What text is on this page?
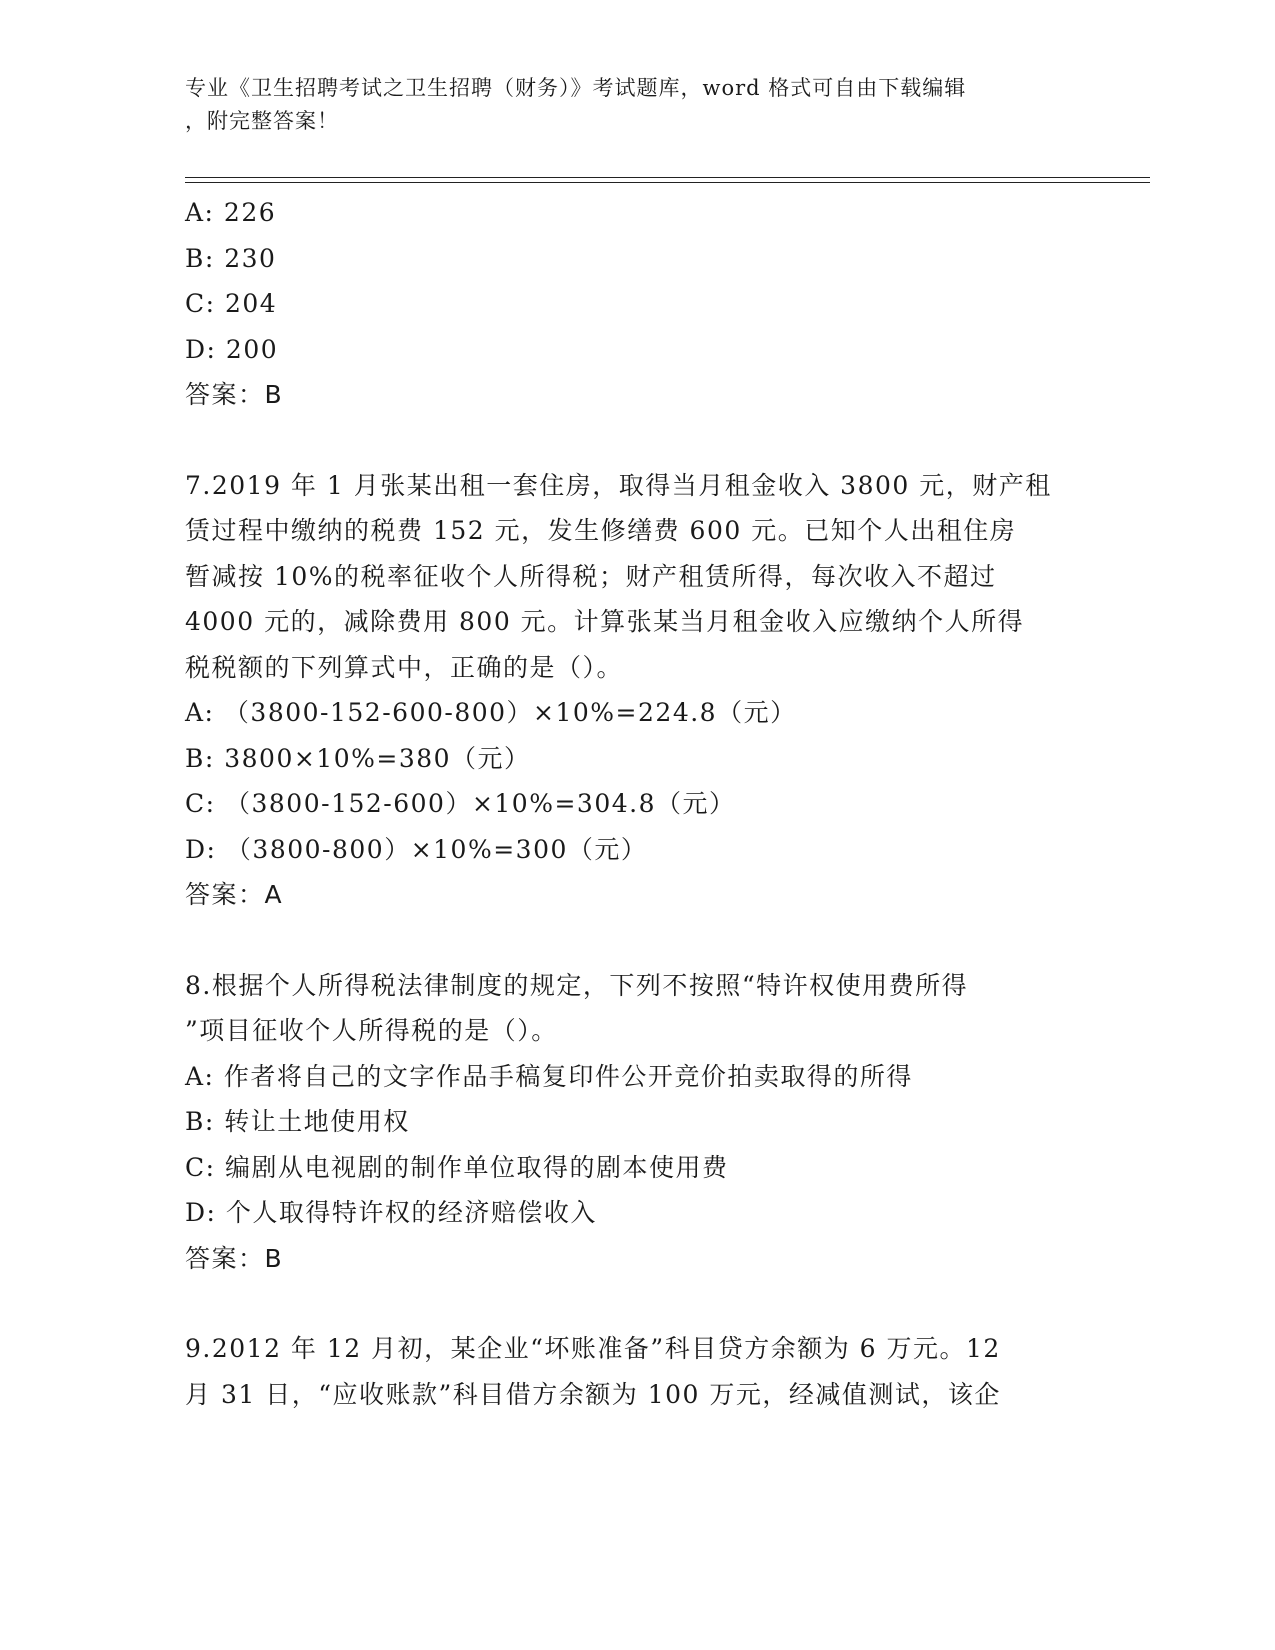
专业《卫生招聘考试之卫生招聘（财务）》考试题库，word 格式可自由下载编辑
，附完整答案！
A: 226
B: 230
C: 204
D: 200
答案：B
7.2019 年 1 月张某出租一套住房，取得当月租金收入 3800 元，财产租
赁过程中缴纳的税费 152 元，发生修缮费 600 元。已知个人出租住房
暂减按 10%的税率征收个人所得税；财产租赁所得，每次收入不超过
4000 元的，减除费用 800 元。计算张某当月租金收入应缴纳个人所得
税税额的下列算式中，正确的是（）。
A: （3800-152-600-800）×10%=224.8（元）
B: 3800×10%=380（元）
C: （3800-152-600）×10%=304.8（元）
D: （3800-800）×10%=300（元）
答案：A
8.根据个人所得税法律制度的规定，下列不按照“特许权使用费所得
”项目征收个人所得税的是（）。
A: 作者将自己的文字作品手稿复印件公开竞价拍卖取得的所得
B: 转让土地使用权
C: 编剧从电视剧的制作单位取得的剧本使用费
D: 个人取得特许权的经济赔偿收入
答案：B
9.2012 年 12 月初，某企业“坏账准备”科目贷方余额为 6 万元。12
月 31 日，“应收账款”科目借方余额为 100 万元，经减值测试，该企
